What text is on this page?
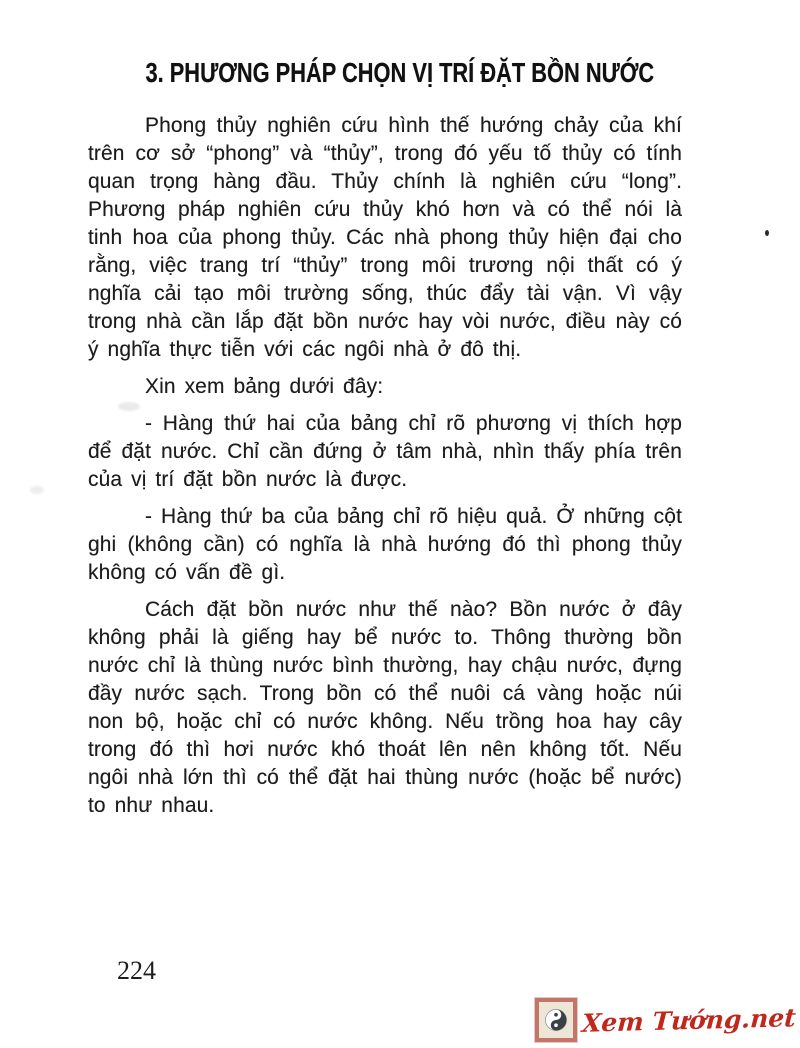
3. PHƯƠNG PHÁP CHỌN VỊ TRÍ ĐẶT BỒN NƯỚC

Phong thủy nghiên cứu hình thế hướng chảy của khí trên cơ sở “phong” và “thủy”, trong đó yếu tố thủy có tính quan trọng hàng đầu. Thủy chính là nghiên cứu “long”. Phương pháp nghiên cứu thủy khó hơn và có thể nói là tinh hoa của phong thủy. Các nhà phong thủy hiện đại cho rằng, việc trang trí “thủy” trong môi trương nội thất có ý nghĩa cải tạo môi trường sống, thúc đẩy tài vận. Vì vậy trong nhà cần lắp đặt bồn nước hay vòi nước, điều này có ý nghĩa thực tiễn với các ngôi nhà ở đô thị.

Xin xem bảng dưới đây:

- Hàng thứ hai của bảng chỉ rõ phương vị thích hợp để đặt nước. Chỉ cần đứng ở tâm nhà, nhìn thấy phía trên của vị trí đặt bồn nước là được.

- Hàng thứ ba của bảng chỉ rõ hiệu quả. Ở những cột ghi (không cần) có nghĩa là nhà hướng đó thì phong thủy không có vấn đề gì.

Cách đặt bồn nước như thế nào? Bồn nước ở đây không phải là giếng hay bể nước to. Thông thường bồn nước chỉ là thùng nước bình thường, hay chậu nước, đựng đầy nước sạch. Trong bồn có thể nuôi cá vàng hoặc núi non bộ, hoặc chỉ có nước không. Nếu trồng hoa hay cây trong đó thì hơi nước khó thoát lên nên không tốt. Nếu ngôi nhà lớn thì có thể đặt hai thùng nước (hoặc bể nước) to như nhau.

224
Xem Tướng.net
